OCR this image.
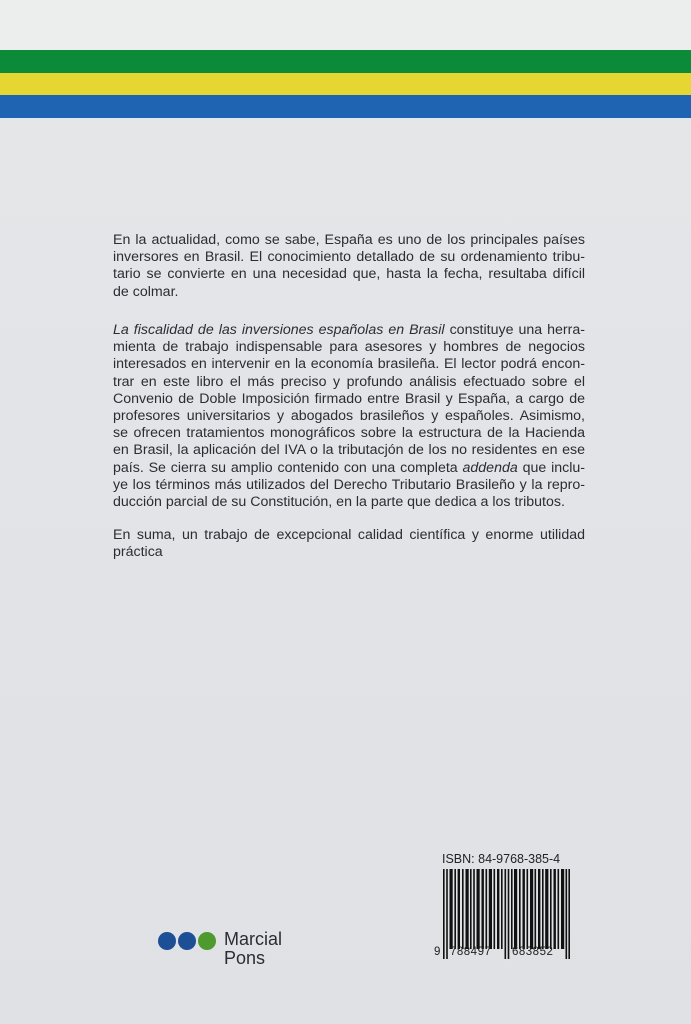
En la actualidad, como se sabe, España es uno de los principales países
inversores en Brasil. El conocimiento detallado de su ordenamiento tribu-
tario se convierte en una necesidad que, hasta la fecha, resultaba difícil
de colmar.
La fiscalidad de las inversiones españolas en Brasil constituye una herra-
mienta de trabajo indispensable para asesores y hombres de negocios
interesados en intervenir en la economía brasileña. El lector podrá encon-
trar en este libro el más preciso y profundo análisis efectuado sobre el
Convenio de Doble Imposición firmado entre Brasil y España, a cargo de
profesores universitarios y abogados brasileños y españoles. Asimismo,
se ofrecen tratamientos monográficos sobre la estructura de la Hacienda
en Brasil, la aplicación del IVA o la tributacjón de los no residentes en ese
país. Se cierra su amplio contenido con una completa addenda que inclu-
ye los términos más utilizados del Derecho Tributario Brasileño y la repro-
ducción parcial de su Constitución, en la parte que dedica a los tributos.
En suma, un trabajo de excepcional calidad científica y enorme utilidad
práctica
Marcial
Pons
ISBN: 84-9768-385-4
9 788497 683852
